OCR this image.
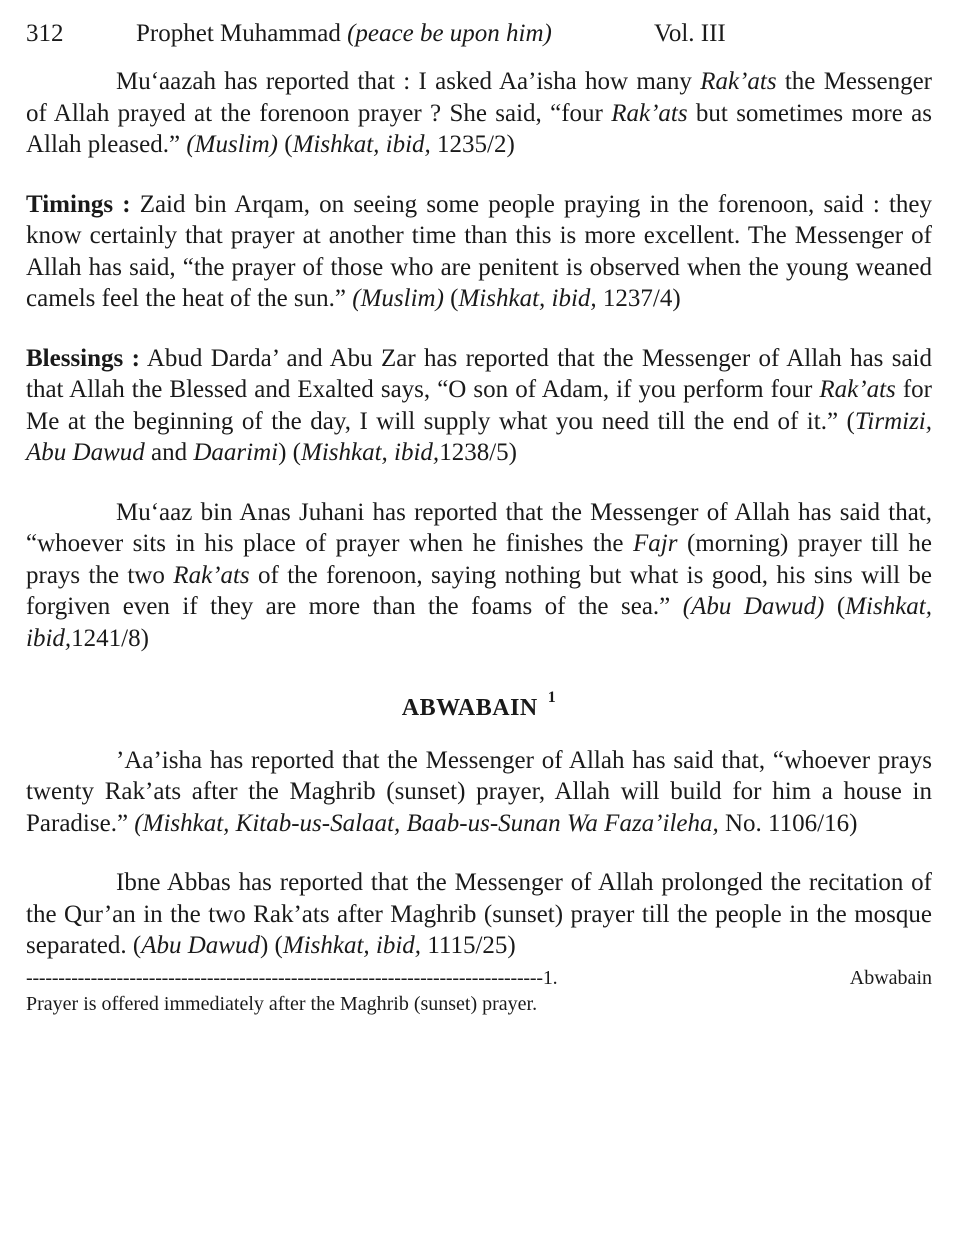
312	Prophet Muhammad (peace be upon him)	Vol. III

Mu‘aazah has reported that : I asked Aa’isha how many Rak’ats the Messenger of Allah prayed at the forenoon prayer ? She said, “four Rak’ats but sometimes more as Allah pleased.” (Muslim) (Mishkat, ibid, 1235/2)

Timings : Zaid bin Arqam, on seeing some people praying in the forenoon, said : they know certainly that prayer at another time than this is more excellent. The Messenger of Allah has said, “the prayer of those who are penitent is observed when the young weaned camels feel the heat of the sun.” (Muslim) (Mishkat, ibid, 1237/4)

Blessings : Abud Darda’ and Abu Zar has reported that the Messenger of Allah has said that Allah the Blessed and Exalted says, “O son of Adam, if you perform four Rak’ats for Me at the beginning of the day, I will supply what you need till the end of it.” (Tirmizi, Abu Dawud and Daarimi) (Mishkat, ibid,1238/5)

Mu‘aaz bin Anas Juhani has reported that the Messenger of Allah has said that, “whoever sits in his place of prayer when he finishes the Fajr (morning) prayer till he prays the two Rak’ats of the forenoon, saying nothing but what is good, his sins will be forgiven even if they are more than the foams of the sea.” (Abu Dawud) (Mishkat, ibid,1241/8)

ABWABAIN $^1$

’Aa’isha has reported that the Messenger of Allah has said that, “whoever prays twenty Rak’ats after the Maghrib (sunset) prayer, Allah will build for him a house in Paradise.” (Mishkat, Kitab-us-Salaat, Baab-us-Sunan Wa Faza’ileha, No. 1106/16)

Ibne Abbas has reported that the Messenger of Allah prolonged the recitation of the Qur’an in the two Rak’ats after Maghrib (sunset) prayer till the people in the mosque separated. (Abu Dawud) (Mishkat, ibid, 1115/25)

--------------------------------------------------------------------------------1.	Abwabain
Prayer is offered immediately after the Maghrib (sunset) prayer.
